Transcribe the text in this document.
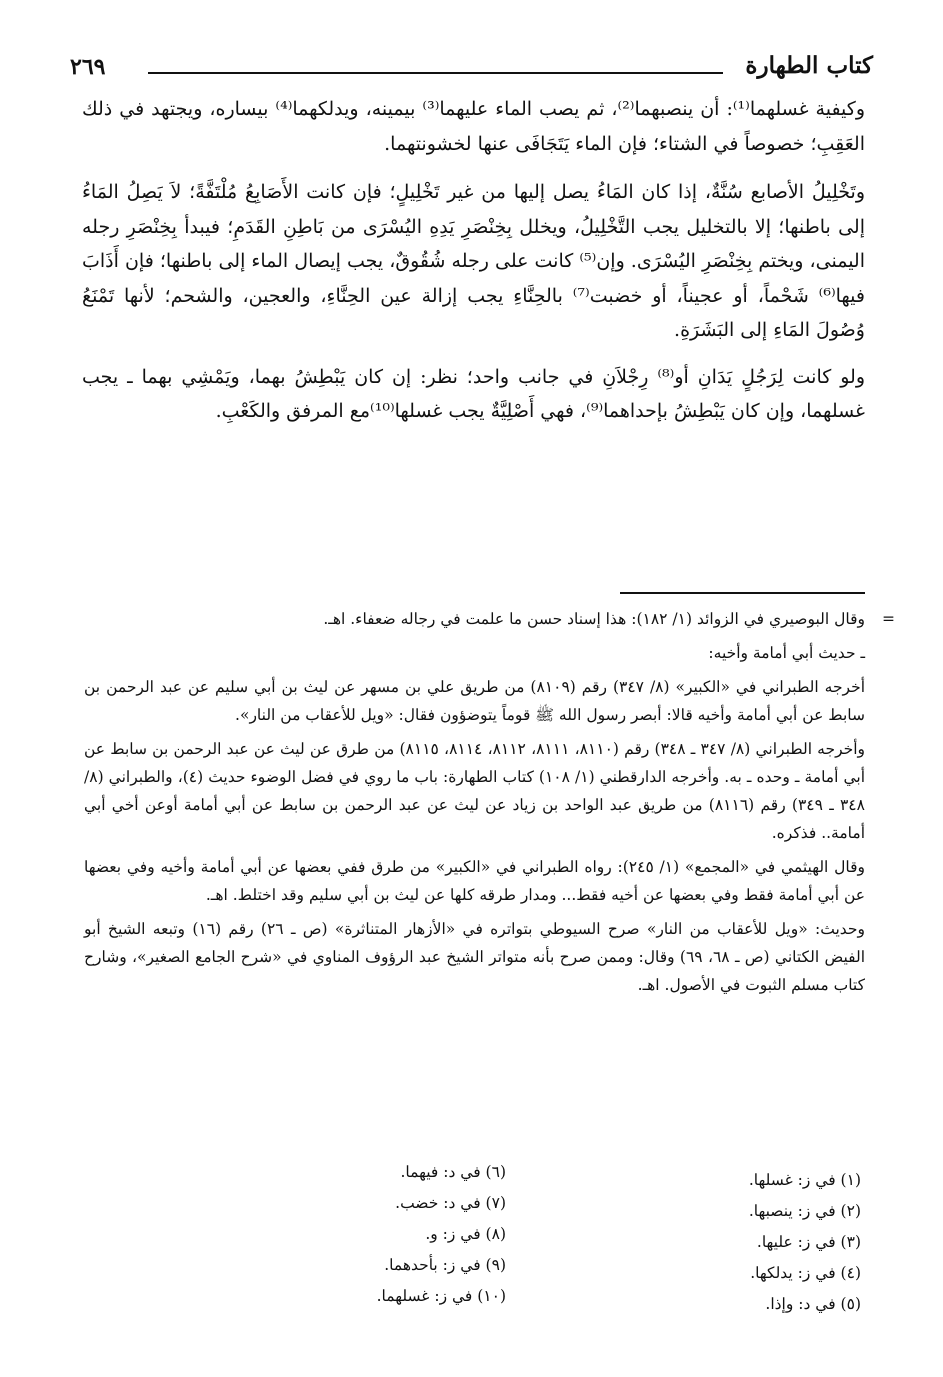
كتاب الطهارة
٢٦٩

وكيفية غسلهما⁽¹⁾: أن ينصبهما⁽²⁾، ثم يصب الماء عليهما⁽³⁾ بيمينه، ويدلكهما⁽⁴⁾ بيساره، ويجتهد في ذلك العَقِبِ؛ خصوصاً في الشتاء؛ فإن الماء يَتَجَافَى عنها لخشونتهما.

وتَخْلِيلُ الأصابع سُنَّةٌ، إذا كان المَاءُ يصل إليها من غير تَخْلِيلٍ؛ فإن كانت الأَصَابِعُ مُلْتَفَّةً؛ لاَ يَصِلُ المَاءُ إلى باطنها؛ إلا بالتخليل يجب التَّخْلِيلُ، ويخلل بِخِنْصَرِ يَدِهِ اليُسْرَى من بَاطِنِ القَدَمِ؛ فيبدأ بِخِنْصَرِ رجله اليمنى، ويختم بِخِنْصَرِ اليُسْرَى. وإن⁽⁵⁾ كانت على رجله شُقُوقٌ، يجب إيصال الماء إلى باطنها؛ فإن أَذَابَ فيها⁽⁶⁾ شَحْماً، أو عجيناً، أو خضبت⁽⁷⁾ بالحِنَّاءِ يجب إزالة عين الحِنَّاءِ، والعجين، والشحم؛ لأنها تَمْنَعُ وُصُولَ المَاءِ إلى البَشَرَةِ.

ولو كانت لِرَجُلٍ يَدَانِ أو⁽⁸⁾ رِجْلاَنِ في جانب واحد؛ نظر: إن كان يَبْطِشُ بهما، ويَمْشِي بهما ـ يجب غسلهما، وإن كان يَبْطِشُ بإحداهما⁽⁹⁾، فهي أَصْلِيَّةٌ يجب غسلها⁽¹⁰⁾مع المرفق والكَعْبِ.

=
وقال البوصيري في الزوائد (١/ ١٨٢): هذا إسناد حسن ما علمت في رجاله ضعفاء. اهـ.

ـ حديث أبي أمامة وأخيه:

أخرجه الطبراني في «الكبير» (٨/ ٣٤٧) رقم (٨١٠٩) من طريق علي بن مسهر عن ليث بن أبي سليم عن عبد الرحمن بن سابط عن أبي أمامة وأخيه قالا: أبصر رسول الله ﷺ قوماً يتوضؤون فقال: «ويل للأعقاب من النار».

وأخرجه الطبراني (٨/ ٣٤٧ ـ ٣٤٨) رقم (٨١١٠، ٨١١١، ٨١١٢، ٨١١٤، ٨١١٥) من طرق عن ليث عن عبد الرحمن بن سابط عن أبي أمامة ـ وحده ـ به. وأخرجه الدارقطني (١/ ١٠٨) كتاب الطهارة: باب ما روي في فضل الوضوء حديث (٤)، والطبراني (٨/ ٣٤٨ ـ ٣٤٩) رقم (٨١١٦) من طريق عبد الواحد بن زياد عن ليث عن عبد الرحمن بن سابط عن أبي أمامة أوعن أخي أبي أمامة.. فذكره.

وقال الهيثمي في «المجمع» (١/ ٢٤٥): رواه الطبراني في «الكبير» من طرق ففي بعضها عن أبي أمامة وأخيه وفي بعضها عن أبي أمامة فقط وفي بعضها عن أخيه فقط... ومدار طرقه كلها عن ليث بن أبي سليم وقد اختلط. اهـ.

وحديث: «ويل للأعقاب من النار» صرح السيوطي بتواتره في «الأزهار المتناثرة» (ص ـ ٢٦) رقم (١٦) وتبعه الشيخ أبو الفيض الكتاني (ص ـ ٦٨، ٦٩) وقال: وممن صرح بأنه متواتر الشيخ عبد الرؤوف المناوي في «شرح الجامع الصغير»، وشارح كتاب مسلم الثبوت في الأصول. اهـ.

(١) في ز: غسلها.
(٢) في ز: ينصبها.
(٣) في ز: عليها.
(٤) في ز: يدلكها.
(٥) في د: وإذا.
(٦) في د: فيهما.
(٧) في د: خضب.
(٨) في ز: و.
(٩) في ز: بأحدهما.
(١٠) في ز: غسلهما.
